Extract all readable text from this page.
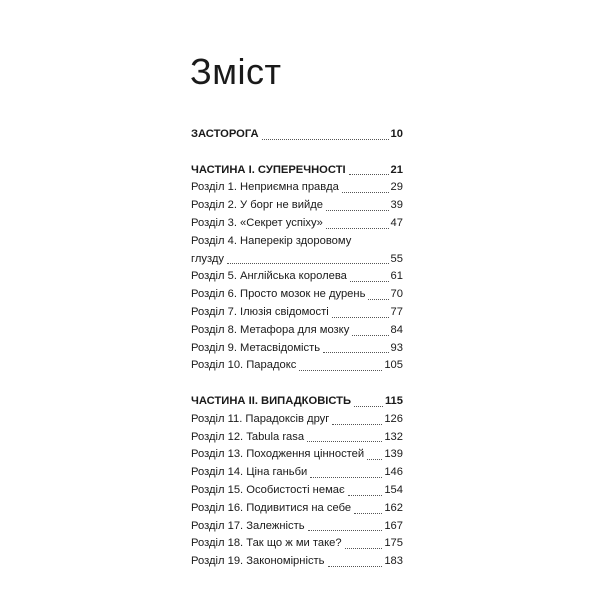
Зміст
ЗАСТОРОГА	10
ЧАСТИНА І. СУПЕРЕЧНОСТІ	21
Розділ 1. Неприємна правда	29
Розділ 2. У борг не вийде	39
Розділ 3. «Секрет успіху»	47
Розділ 4. Наперекір здоровому
глузду	55
Розділ 5. Англійська королева	61
Розділ 6. Просто мозок не дурень 70
Розділ 7. Ілюзія свідомості	77
Розділ 8. Метафора для мозку	84
Розділ 9. Метасвідомість	93
Розділ 10. Парадокс	105
ЧАСТИНА ІІ. ВИПАДКОВІСТЬ	115
Розділ 11. Парадоксів друг	126
Розділ 12. Tabula rasa	132
Розділ 13. Походження цінностей 139
Розділ 14. Ціна ганьби	146
Розділ 15. Особистості немає	154
Розділ 16. Подивитися на себе	162
Розділ 17. Залежність	167
Розділ 18. Так що ж ми таке?	175
Розділ 19. Закономірність	183
